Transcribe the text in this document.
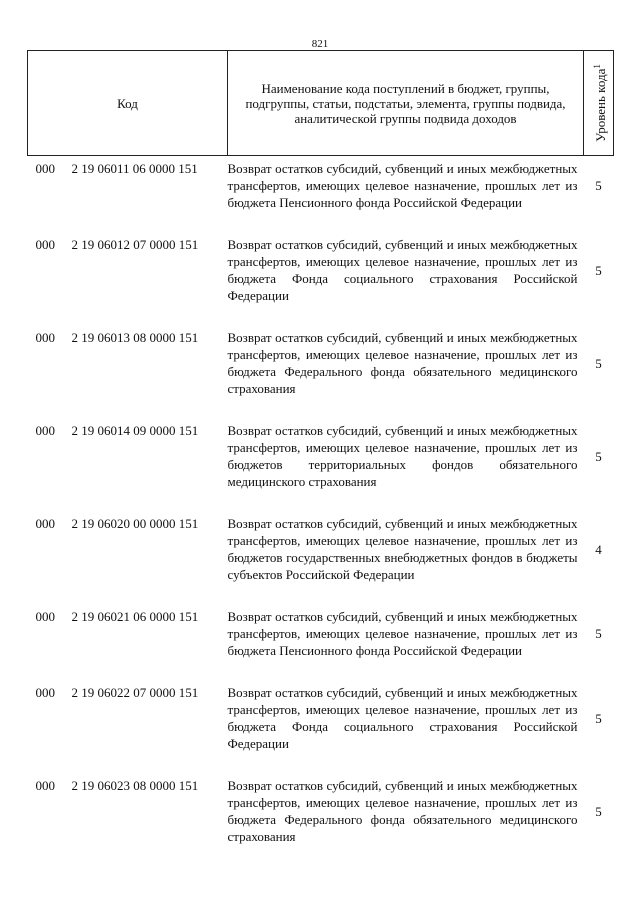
821
Код		Наименование кода поступлений в бюджет, группы, подгруппы, статьи, подстатьи, элемента, группы подвида, аналитической группы подвида доходов	Уровень кода$^1$

000	2 19 06011 06 0000 151	Возврат остатков субсидий, субвенций и иных межбюджетных трансфертов, имеющих целевое назначение, прошлых лет из бюджета Пенсионного фонда Российской Федерации	5

000	2 19 06012 07 0000 151	Возврат остатков субсидий, субвенций и иных межбюджетных трансфертов, имеющих целевое назначение, прошлых лет из бюджета Фонда социального страхования Российской Федерации	5

000	2 19 06013 08 0000 151	Возврат остатков субсидий, субвенций и иных межбюджетных трансфертов, имеющих целевое назначение, прошлых лет из бюджета Федерального фонда обязательного медицинского страхования	5

000	2 19 06014 09 0000 151	Возврат остатков субсидий, субвенций и иных межбюджетных трансфертов, имеющих целевое назначение, прошлых лет из бюджетов территориальных фондов обязательного медицинского страхования	5

000	2 19 06020 00 0000 151	Возврат остатков субсидий, субвенций и иных межбюджетных трансфертов, имеющих целевое назначение, прошлых лет из бюджетов государственных внебюджетных фондов в бюджеты субъектов Российской Федерации	4

000	2 19 06021 06 0000 151	Возврат остатков субсидий, субвенций и иных межбюджетных трансфертов, имеющих целевое назначение, прошлых лет из бюджета Пенсионного фонда Российской Федерации	5

000	2 19 06022 07 0000 151	Возврат остатков субсидий, субвенций и иных межбюджетных трансфертов, имеющих целевое назначение, прошлых лет из бюджета Фонда социального страхования Российской Федерации	5

000	2 19 06023 08 0000 151	Возврат остатков субсидий, субвенций и иных межбюджетных трансфертов, имеющих целевое назначение, прошлых лет из бюджета Федерального фонда обязательного медицинского страхования	5
